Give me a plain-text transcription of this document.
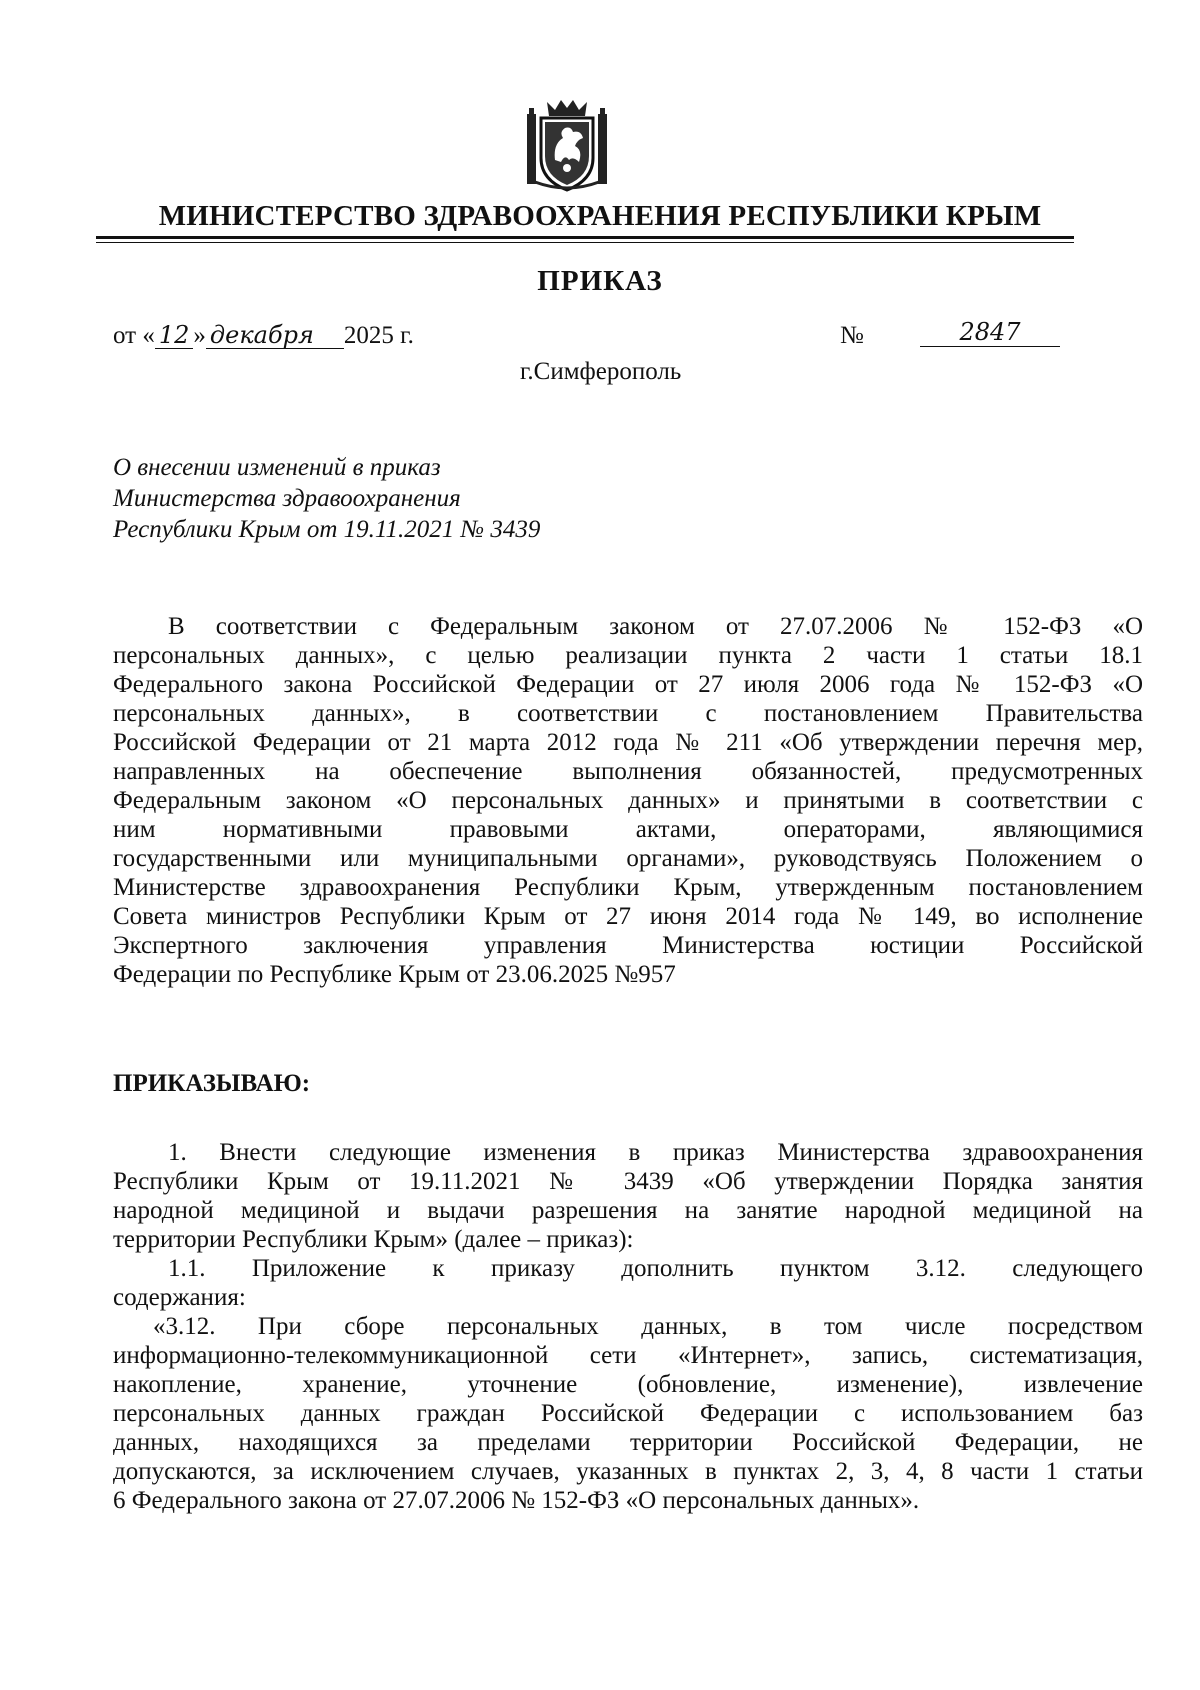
МИНИСТЕРСТВО ЗДРАВООХРАНЕНИЯ РЕСПУБЛИКИ КРЫМ
ПРИКАЗ
от « 12 » декабря 2025 г.	№	2847
г.Симферополь
О внесении изменений в приказ
Министерства здравоохранения
Республики Крым от 19.11.2021 № 3439
В соответствии с Федеральным законом от 27.07.2006 № 152-ФЗ «О
персональных данных», с целью реализации пункта 2 части 1 статьи 18.1
Федерального закона Российской Федерации от 27 июля 2006 года № 152-ФЗ «О
персональных данных», в соответствии с постановлением Правительства
Российской Федерации от 21 марта 2012 года № 211 «Об утверждении перечня мер,
направленных на обеспечение выполнения обязанностей, предусмотренных
Федеральным законом «О персональных данных» и принятыми в соответствии с
ним нормативными правовыми актами, операторами, являющимися
государственными или муниципальными органами», руководствуясь Положением о
Министерстве здравоохранения Республики Крым, утвержденным постановлением
Совета министров Республики Крым от 27 июня 2014 года № 149, во исполнение
Экспертного заключения управления Министерства юстиции Российской
Федерации по Республике Крым от 23.06.2025 №957
ПРИКАЗЫВАЮ:
1. Внести следующие изменения в приказ Министерства здравоохранения
Республики Крым от 19.11.2021 № 3439 «Об утверждении Порядка занятия
народной медициной и выдачи разрешения на занятие народной медициной на
территории Республики Крым» (далее – приказ):
1.1. Приложение к приказу дополнить пунктом 3.12. следующего
содержания:
«3.12. При сборе персональных данных, в том числе посредством
информационно-телекоммуникационной сети «Интернет», запись, систематизация,
накопление, хранение, уточнение (обновление, изменение), извлечение
персональных данных граждан Российской Федерации с использованием баз
данных, находящихся за пределами территории Российской Федерации, не
допускаются, за исключением случаев, указанных в пунктах 2, 3, 4, 8 части 1 статьи
6 Федерального закона от 27.07.2006 № 152-ФЗ «О персональных данных».
